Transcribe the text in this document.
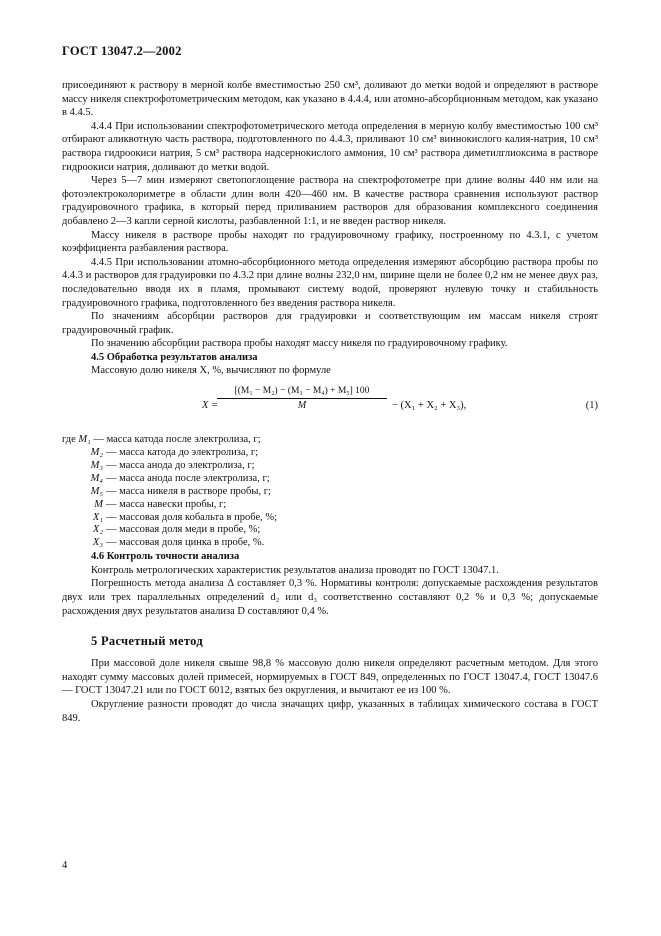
ГОСТ 13047.2—2002

присоединяют к раствору в мерной колбе вместимостью 250 см³, доливают до метки водой и определяют в растворе массу никеля спектрофотометрическим методом, как указано в 4.4.4, или атомно-абсорбционным методом, как указано в 4.4.5.

4.4.4 При использовании спектрофотометрического метода определения в мерную колбу вместимостью 100 см³ отбирают аликвотную часть раствора, подготовленного по 4.4.3, приливают 10 см³ виннокислого калия-натрия, 10 см³ раствора гидроокиси натрия, 5 см³ раствора надсернокислого аммония, 10 см³ раствора диметилглиоксима в растворе гидроокиси натрия, доливают до метки водой.

Через 5—7 мин измеряют светопоглощение раствора на спектрофотометре при длине волны 440 нм или на фотоэлектроколориметре в области длин волн 420—460 нм. В качестве раствора сравнения используют раствор градуировочного графика, в который перед приливанием растворов для образования комплексного соединения добавлено 2—3 капли серной кислоты, разбавленной 1:1, и не введен раствор никеля.

Массу никеля в растворе пробы находят по градуировочному графику, построенному по 4.3.1, с учетом коэффициента разбавления раствора.

4.4.5 При использовании атомно-абсорбционного метода определения измеряют абсорбцию раствора пробы по 4.4.3 и растворов для градуировки по 4.3.2 при длине волны 232,0 нм, ширине щели не более 0,2 нм не менее двух раз, последовательно вводя их в пламя, промывают систему водой, проверяют нулевую точку и стабильность градуировочного графика, подготовленного без введения раствора никеля.

По значениям абсорбции растворов для градуировки и соответствующим им массам никеля строят градуировочный график.

По значению абсорбции раствора пробы находят массу никеля по градуировочному графику.

4.5 Обработка результатов анализа

Массовую долю никеля X, %, вычисляют по формуле

X =
$\frac{\text{[(M₁ − M₂) − (M₃ − M₄) + M₅] 100}}{M} - (X_1 + X_2 + X_3)$,	(1)
где M₁ — масса катода после электролиза, г;
M₂ — масса катода до электролиза, г;
M₃ — масса анода до электролиза, г;
M₄ — масса анода после электролиза, г;
M₅ — масса никеля в растворе пробы, г;
M — масса навески пробы, г;
X₁ — массовая доля кобальта в пробе, %;
X₂ — массовая доля меди в пробе, %;
X₃ — массовая доля цинка в пробе, %.
4.6 Контроль точности анализа

Контроль метрологических характеристик результатов анализа проводят по ГОСТ 13047.1.

Погрешность метода анализа Δ составляет 0,3 %. Нормативы контроля: допускаемые расхождения результатов двух или трех параллельных определений d₂ или d₃ соответственно составляют 0,2 % и 0,3 %; допускаемые расхождения двух результатов анализа D составляют 0,4 %.

5 Расчетный метод

При массовой доле никеля свыше 98,8 % массовую долю никеля определяют расчетным методом. Для этого находят сумму массовых долей примесей, нормируемых в ГОСТ 849, определенных по ГОСТ 13047.4, ГОСТ 13047.6 — ГОСТ 13047.21 или по ГОСТ 6012, взятых без округления, и вычитают ее из 100 %.

Округление разности проводят до числа значащих цифр, указанных в таблицах химического состава в ГОСТ 849.

4
